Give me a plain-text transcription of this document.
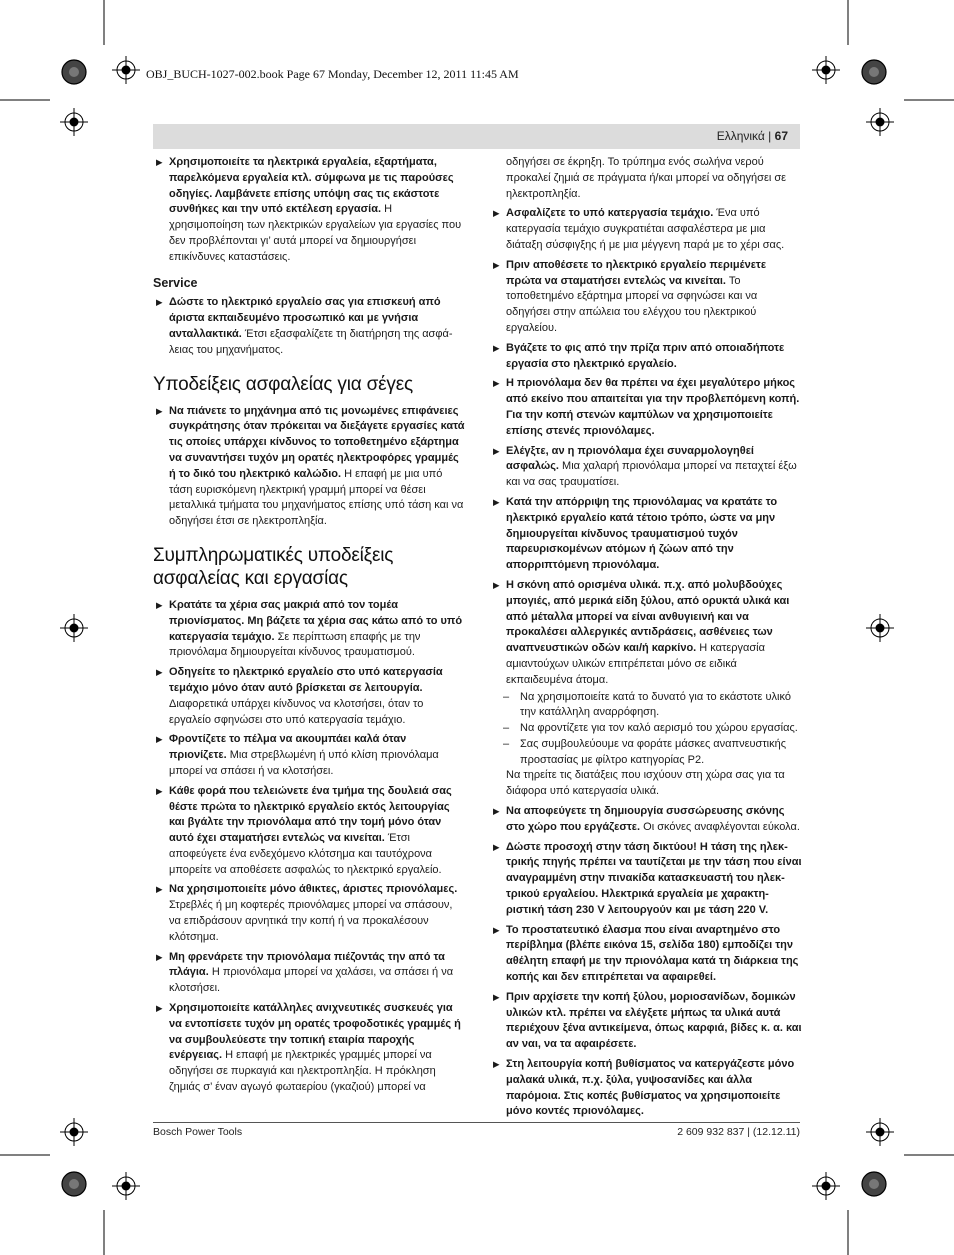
OBJ_BUCH-1027-002.book Page 67 Monday, December 12, 2011 11:45 AM
Ελληνικά | 67
▶ Χρησιμοποιείτε τα ηλεκτρικά εργαλεία, εξαρτήματα, παρελκόμενα εργαλεία κτλ. σύμφωνα με τις παρούσες οδηγίες. Λαμβάνετε επίσης υπόψη σας τις εκάστοτε συνθήκες και την υπό εκτέλεση εργασία. Η χρησιμοποίηση των ηλεκτρικών εργαλείων για εργασίες που δεν προβλέπονται γι’ αυτά μπορεί να δημιουργήσει επικίνδυνες καταστάσεις.
Service
▶ Δώστε το ηλεκτρικό εργαλείο σας για επισκευή από άριστα εκπαιδευμένο προσωπικό και με γνήσια ανταλλακτικά. Έτσι εξασφαλίζετε τη διατήρηση της ασφά-λειας του μηχανήματος.
Υποδείξεις ασφαλείας για σέγες
▶ Να πιάνετε το μηχάνημα από τις μονωμένες επιφάνειες συγκράτησης όταν πρόκειται να διεξάγετε εργασίες κατά τις οποίες υπάρχει κίνδυνος το τοποθετημένο εξάρτημα να συναντήσει τυχόν μη ορατές ηλεκτροφόρες γραμμές ή το δικό του ηλεκτρικό καλώδιο. Η επαφή με μια υπό τάση ευρισκόμενη ηλεκτρική γραμμή μπορεί να θέσει μεταλλικά τμήματα του μηχανήματος επίσης υπό τάση και να οδηγήσει έτσι σε ηλεκτροπληξία.
Συμπληρωματικές υποδείξεις ασφαλείας και εργασίας
▶ Κρατάτε τα χέρια σας μακριά από τον τομέα πριονίσματος. Μη βάζετε τα χέρια σας κάτω από το υπό κατεργασία τεμάχιο. Σε περίπτωση επαφής με την πριονόλαμα δημιουργείται κίνδυνος τραυματισμού.
▶ Οδηγείτε το ηλεκτρικό εργαλείο στο υπό κατεργασία τεμάχιο μόνο όταν αυτό βρίσκεται σε λειτουργία. Διαφορετικά υπάρχει κίνδυνος να κλοτσήσει, όταν το εργαλείο σφηνώσει στο υπό κατεργασία τεμάχιο.
▶ Φροντίζετε το πέλμα να ακουμπάει καλά όταν πριονίζετε. Μια στρεβλωμένη ή υπό κλίση πριονόλαμα μπορεί να σπάσει ή να κλοτσήσει.
▶ Κάθε φορά που τελειώνετε ένα τμήμα της δουλειά σας θέστε πρώτα το ηλεκτρικό εργαλείο εκτός λειτουργίας και βγάλτε την πριονόλαμα από την τομή μόνο όταν αυτό έχει σταματήσει εντελώς να κινείται. Έτσι αποφεύγετε ένα ενδεχόμενο κλότσημα και ταυτόχρονα μπορείτε να αποθέσετε ασφαλώς το ηλεκτρικό εργαλείο.
▶ Να χρησιμοποιείτε μόνο άθικτες, άριστες πριονόλαμες. Στρεβλές ή μη κοφτερές πριονόλαμες μπορεί να σπάσουν, να επιδράσουν αρνητικά την κοπή ή να προκαλέσουν κλότσημα.
▶ Μη φρενάρετε την πριονόλαμα πιέζοντάς την από τα πλάγια. Η πριονόλαμα μπορεί να χαλάσει, να σπάσει ή να κλοτσήσει.
▶ Χρησιμοποιείτε κατάλληλες ανιχνευτικές συσκευές για να εντοπίσετε τυχόν μη ορατές τροφοδοτικές γραμμές ή να συμβουλεύεστε την τοπική εταιρία παροχής ενέργειας. Η επαφή με ηλεκτρικές γραμμές μπορεί να οδηγήσει σε πυρκαγιά και ηλεκτροπληξία. Η πρόκληση ζημιάς σ’ έναν αγωγό φωταερίου (γκαζιού) μπορεί να
οδηγήσει σε έκρηξη. Το τρύπημα ενός σωλήνα νερού προκαλεί ζημιά σε πράγματα ή/και μπορεί να οδηγήσει σε ηλεκτροπληξία.
▶ Ασφαλίζετε το υπό κατεργασία τεμάχιο. Ένα υπό κατεργασία τεμάχιο συγκρατιέται ασφαλέστερα με μια διάταξη σύσφιγξης ή με μια μέγγενη παρά με το χέρι σας.
▶ Πριν αποθέσετε το ηλεκτρικό εργαλείο περιμένετε πρώτα να σταματήσει εντελώς να κινείται. Το τοποθετημένο εξάρτημα μπορεί να σφηνώσει και να οδηγήσει στην απώλεια του ελέγχου του ηλεκτρικού εργαλείου.
▶ Βγάζετε το φις από την πρίζα πριν από οποιαδήποτε εργασία στο ηλεκτρικό εργαλείο.
▶ Η πριονόλαμα δεν θα πρέπει να έχει μεγαλύτερο μήκος από εκείνο που απαιτείται για την προβλεπόμενη κοπή. Για την κοπή στενών καμπύλων να χρησιμοποιείτε επίσης στενές πριονόλαμες.
▶ Ελέγξτε, αν η πριονόλαμα έχει συναρμολογηθεί ασφαλώς. Μια χαλαρή πριονόλαμα μπορεί να πεταχτεί έξω και να σας τραυματίσει.
▶ Κατά την απόρριψη της πριονόλαμας να κρατάτε το ηλεκτρικό εργαλείο κατά τέτοιο τρόπο, ώστε να μην δημιουργείται κίνδυνος τραυματισμού τυχόν παρευρισκομένων ατόμων ή ζώων από την απορριπτόμενη πριονόλαμα.
▶ Η σκόνη από ορισμένα υλικά. π.χ. από μολυβδούχες μπογιές, από μερικά είδη ξύλου, από ορυκτά υλικά και από μέταλλα μπορεί να είναι ανθυγιεινή και να προκαλέσει αλλεργικές αντιδράσεις, ασθένειες των αναπνευστικών οδών και/ή καρκίνο. Η κατεργασία αμιαντούχων υλικών επιτρέπεται μόνο σε ειδικά εκπαιδευμένα άτομα.
– Να χρησιμοποιείτε κατά το δυνατό για το εκάστοτε υλικό την κατάλληλη αναρρόφηση.
– Να φροντίζετε για τον καλό αερισμό του χώρου εργασίας.
– Σας συμβουλεύουμε να φοράτε μάσκες αναπνευστικής προστασίας με φίλτρο κατηγορίας P2.
Να τηρείτε τις διατάξεις που ισχύουν στη χώρα σας για τα διάφορα υπό κατεργασία υλικά.
▶ Να αποφεύγετε τη δημιουργία συσσώρευσης σκόνης στο χώρο που εργάζεστε. Οι σκόνες αναφλέγονται εύκολα.
▶ Δώστε προσοχή στην τάση δικτύου! Η τάση της ηλεκ-τρικής πηγής πρέπει να ταυτίζεται με την τάση που είναι αναγραμμένη στην πινακίδα κατασκευαστή του ηλεκ-τρικού εργαλείου. Ηλεκτρικά εργαλεία με χαρακτη-ριστική τάση 230 V λειτουργούν και με τάση 220 V.
▶ Το προστατευτικό έλασμα που είναι αναρτημένο στο περίβλημα (βλέπε εικόνα 15, σελίδα 180) εμποδίζει την αθέλητη επαφή με την πριονόλαμα κατά τη διάρκεια της κοπής και δεν επιτρέπεται να αφαιρεθεί.
▶ Πριν αρχίσετε την κοπή ξύλου, μοριοσανίδων, δομικών υλικών κτλ. πρέπει να ελέγξετε μήπως τα υλικά αυτά περιέχουν ξένα αντικείμενα, όπως καρφιά, βίδες κ. α. και αν ναι, να τα αφαιρέσετε.
▶ Στη λειτουργία κοπή βυθίσματος να κατεργάζεστε μόνο μαλακά υλικά, π.χ. ξύλα, γυψοσανίδες και άλλα παρόμοια. Στις κοπές βυθίσματος να χρησιμοποιείτε μόνο κοντές πριονόλαμες.
Bosch Power Tools	2 609 932 837 | (12.12.11)
